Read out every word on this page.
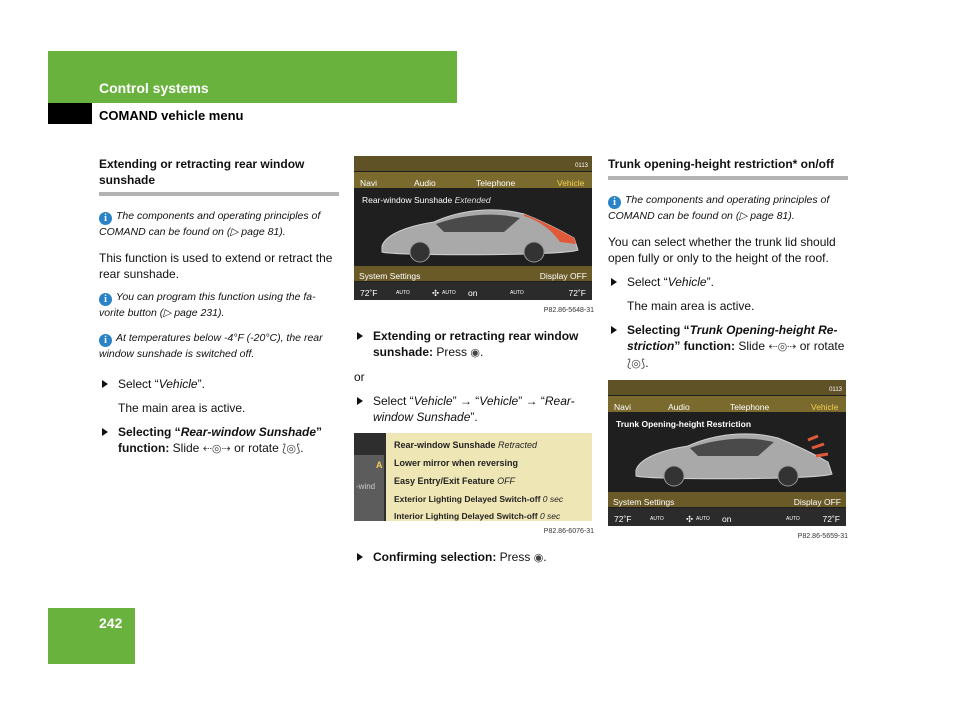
Control systems
COMAND vehicle menu
Extending or retracting rear window sunshade
i The components and operating principles of COMAND can be found on (▷ page 81).

This function is used to extend or retract the rear sunshade.

i You can program this function using the fa-vorite button (▷ page 231).
i At temperatures below -4°F (-20°C), the rear window sunshade is switched off.
Select “Vehicle”.
The main area is active.
Selecting “Rear-window Sunshade” function: Slide ⇠◎⇢ or rotate ⟅◎⟆.
0113
Navi	Audio	Telephone	Vehicle
Rear-window Sunshade Extended
System Settings	Display OFF
72˚F	AUTO	✣ AUTO on	AUTO	72˚F
P82.86-5648-31
Extending or retracting rear window sunshade: Press ◉.

or

Select “Vehicle” → “Vehicle” → “Rear-window Sunshade”.
A
-wind
Rear-window Sunshade Retracted
Lower mirror when reversing
Easy Entry/Exit Feature OFF
Exterior Lighting Delayed Switch-off 0 sec
Interior Lighting Delayed Switch-off 0 sec
P82.86-6076-31
Confirming selection: Press ◉.
Trunk opening-height restriction* on/off
i The components and operating principles of COMAND can be found on (▷ page 81).

You can select whether the trunk lid should open fully or only to the height of the roof.

Select “Vehicle”.
The main area is active.
Selecting “Trunk Opening-height Re-striction” function: Slide ⇠◎⇢ or rotate ⟅◎⟆.
0113
Navi	Audio	Telephone	Vehicle
Trunk Opening-height Restriction
System Settings	Display OFF
72˚F	AUTO	✣ AUTO on	AUTO	72˚F
P82.86-5659-31
242
